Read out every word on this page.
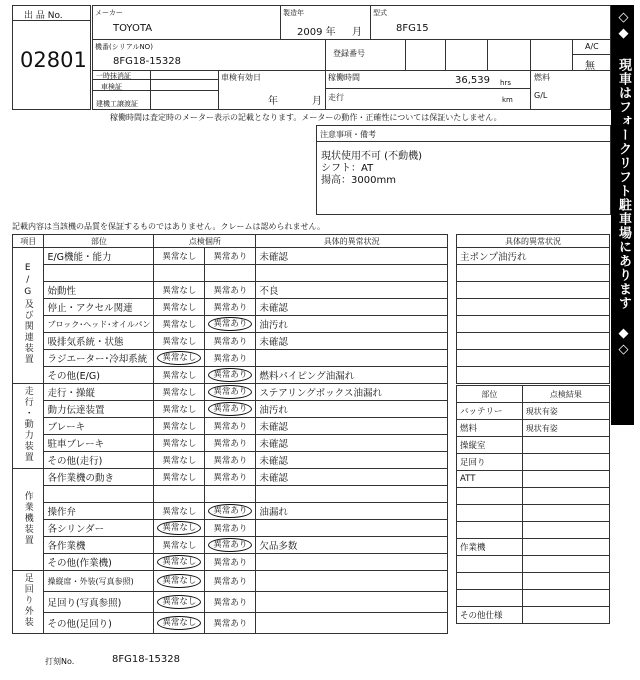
出 品 No.
02801
メーカー
TOYOTA
製造年
2009 年 月
型式
8FG15
機番(シリアルNO)
8FG18-15328
登録番号
A/C
無
一時抹消証
車検証
建機工譲渡証
車検有効日
年	月
稼働時間	36,539 hrs
走行	km
燃料
G/L
稼働時間は査定時のメーター表示の記載となります。メーターの動作・正確性については保証いたしません。
注意事項・備考
現状使用不可 (不動機)
シフト：AT
揚高：3000mm	◇◆ 現車はフォークリフト駐車場にあります ◆◇
記載内容は当該機の品質を保証するものではありません。クレームは認められません。
項目	部位	点検個所		具体的異常状況
E/G及び関連装置	E/G機能・能力	異常なし	異常あり	未確認

	始動性	異常なし	異常あり	不良
	停止・アクセル関連	異常なし	異常あり	未確認
	ブロック･ヘッド･オイルパン	異常なし	異常あり	油汚れ
	吸排気系統・状態	異常なし	異常あり	未確認
	ラジエーター･冷却系統	異常なし	異常あり	
	その他(E/G)	異常なし	異常あり	燃料パイピング油漏れ
走行・動力装置	走行・操縦	異常なし	異常あり	ステアリングボックス油漏れ
	動力伝達装置	異常なし	異常あり	油汚れ
	ブレーキ	異常なし	異常あり	未確認
	駐車ブレーキ	異常なし	異常あり	未確認
	その他(走行)	異常なし	異常あり	未確認
作業機装置	各作業機の動き	異常なし	異常あり	未確認

	操作弁	異常なし	異常あり	油漏れ
	各シリンダー	異常なし	異常あり	
	各作業機	異常なし	異常あり	欠品多数
	その他(作業機)	異常なし	異常あり	
足回り外装	操縦席・外装(写真参照)	異常なし	異常あり	
	足回り(写真参照)	異常なし	異常あり	
	その他(足回り)	異常なし	異常あり	
具体的異常状況
主ポンプ油汚れ

部位	点検結果
バッテリー	現状有姿
燃料	現状有姿
操縦室	
足回り	
ATT	

作業機	

その他仕様	
打刻No.	8FG18-15328
